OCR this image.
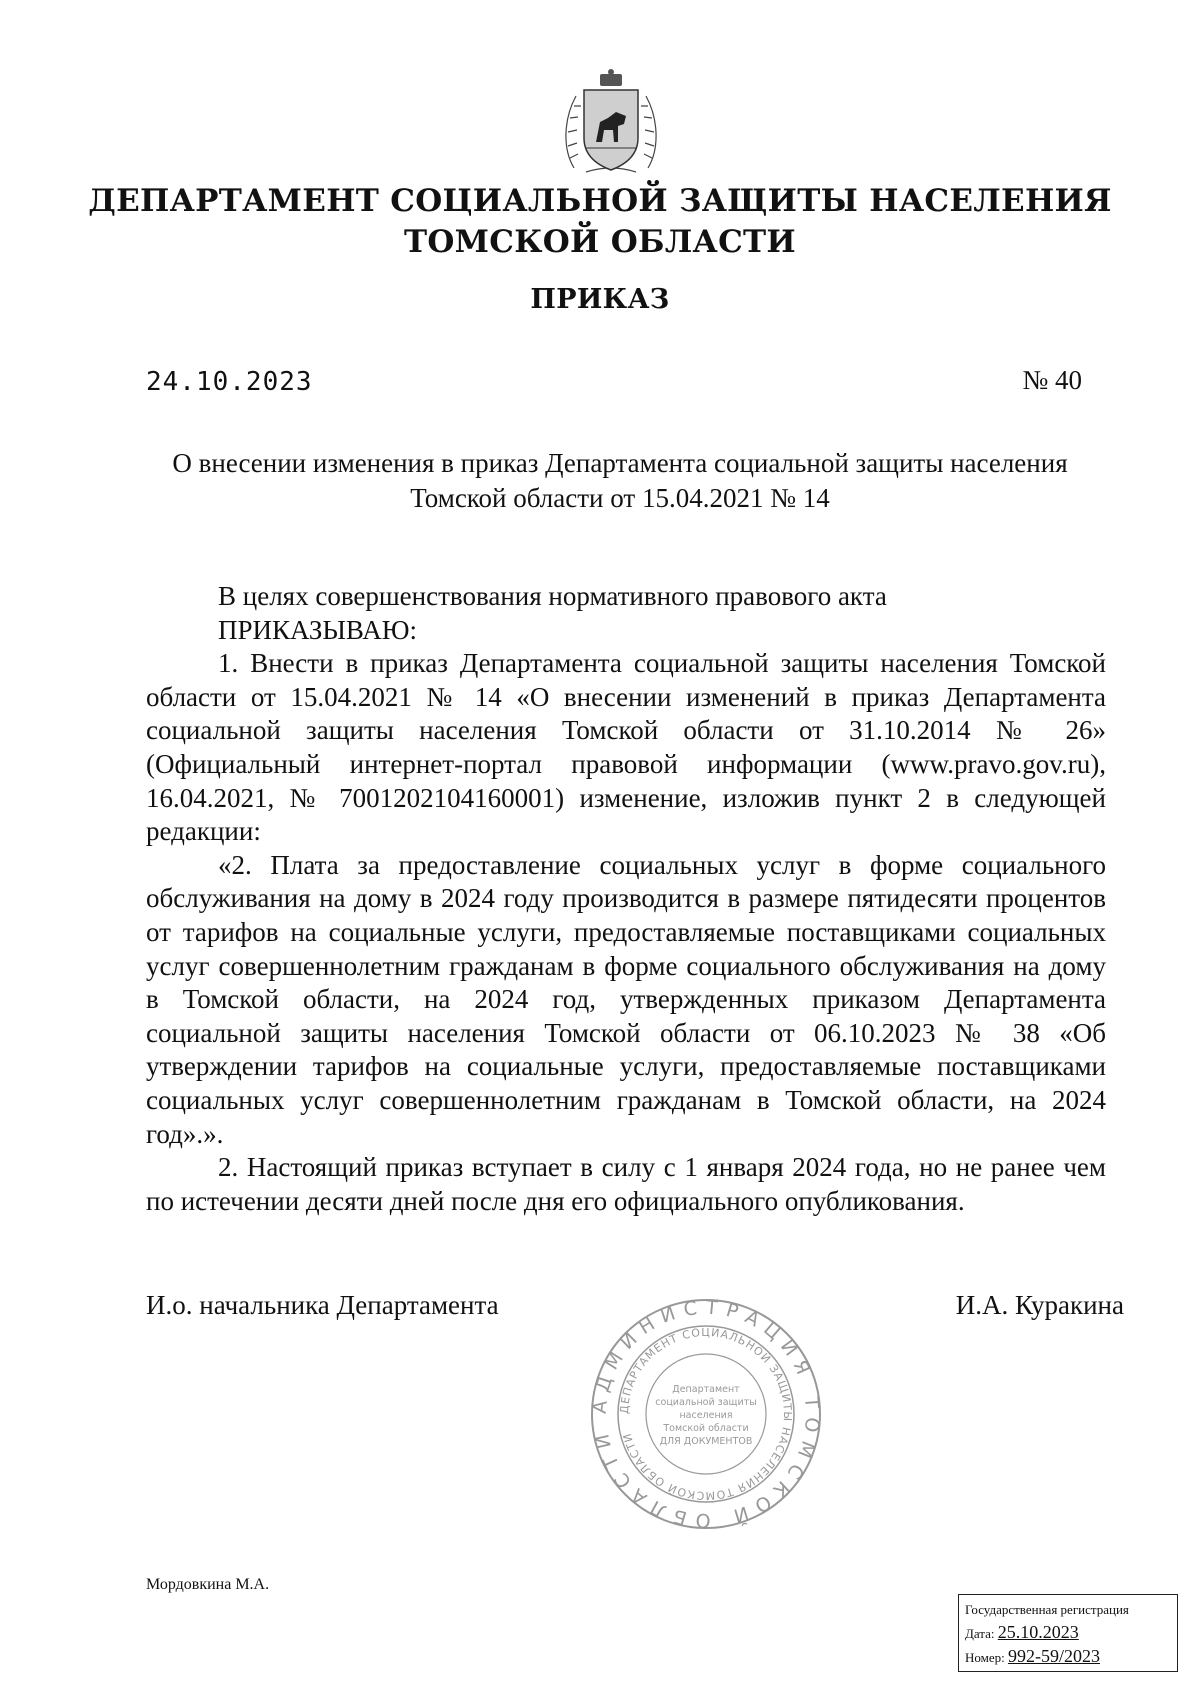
ДЕПАРТАМЕНТ СОЦИАЛЬНОЙ ЗАЩИТЫ НАСЕЛЕНИЯ
ТОМСКОЙ ОБЛАСТИ
ПРИКАЗ
24.10.2023	№ 40
О внесении изменения в приказ Департамента социальной защиты населения
Томской области от 15.04.2021 № 14

В целях совершенствования нормативного правового акта

ПРИКАЗЫВАЮ:

1. Внести в приказ Департамента социальной защиты населения Томской области от 15.04.2021 № 14 «О внесении изменений в приказ Департамента социальной защиты населения Томской области от 31.10.2014 № 26» (Официальный интернет-портал правовой информации (www.pravo.gov.ru), 16.04.2021, № 7001202104160001) изменение, изложив пункт 2 в следующей редакции:

«2. Плата за предоставление социальных услуг в форме социального обслуживания на дому в 2024 году производится в размере пятидесяти процентов от тарифов на социальные услуги, предоставляемые поставщиками социальных услуг совершеннолетним гражданам в форме социального обслуживания на дому в Томской области, на 2024 год, утвержденных приказом Департамента социальной защиты населения Томской области от 06.10.2023 № 38 «Об утверждении тарифов на социальные услуги, предоставляемые поставщиками социальных услуг совершеннолетним гражданам в Томской области, на 2024 год».».

2. Настоящий приказ вступает в силу с 1 января 2024 года, но не ранее чем по истечении десяти дней после дня его официального опубликования.

И.о. начальника Департамента	И.А. Куракина
АДМИНИСТРАЦИЯ ТОМСКОЙ ОБЛАСТИ
ДЕПАРТАМЕНТ СОЦИАЛЬНОЙ ЗАЩИТЫ НАСЕЛЕНИЯ ТОМСКОЙ ОБЛАСТИ
Департамент
социальной защиты
населения
Томской области
ДЛЯ ДОКУМЕНТОВ
Мордовкина М.А.
Государственная регистрация
Дата: 25.10.2023
Номер: 992-59/2023
